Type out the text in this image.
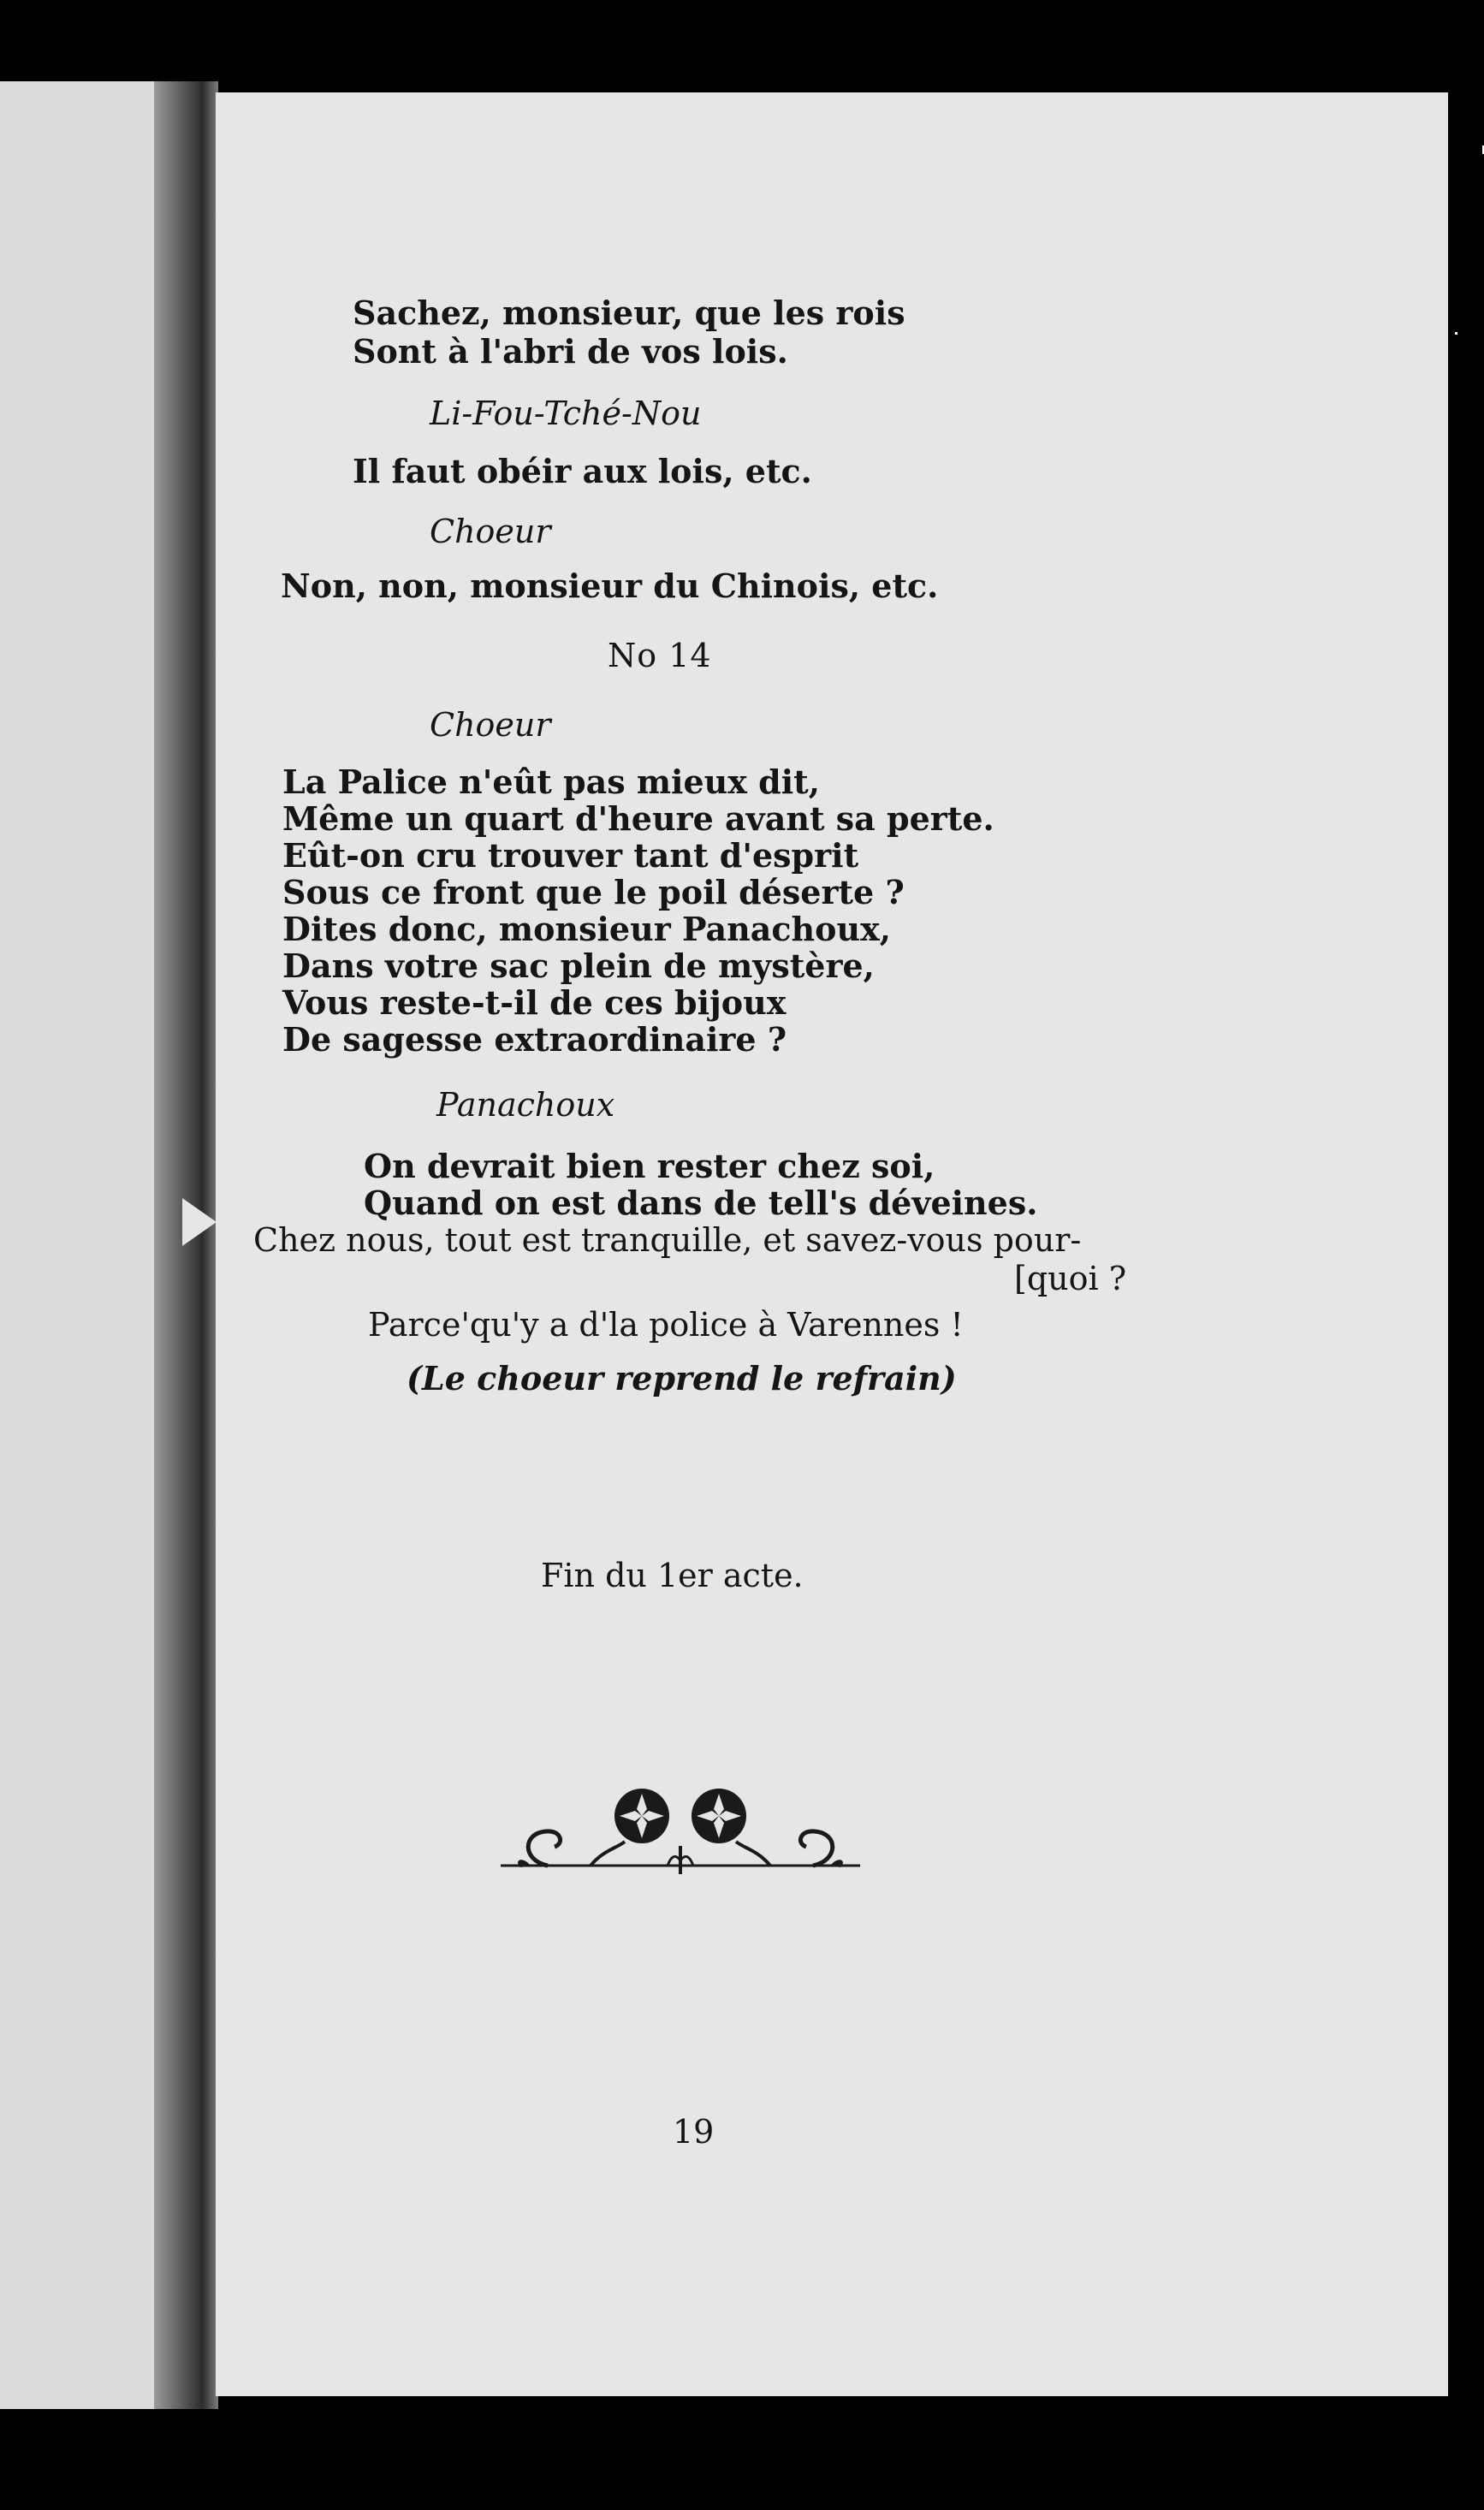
Sachez, monsieur, que les rois
Sont à l'abri de vos lois.
Li-Fou-Tché-Nou
Il faut obéir aux lois, etc.
Choeur
Non, non, monsieur du Chinois, etc.
No 14
Choeur
La Palice n'eût pas mieux dit,
Même un quart d'heure avant sa perte.
Eût-on cru trouver tant d'esprit
Sous ce front que le poil déserte ?
Dites donc, monsieur Panachoux,
Dans votre sac plein de mystère,
Vous reste-t-il de ces bijoux
De sagesse extraordinaire ?
Panachoux
On devrait bien rester chez soi,
Quand on est dans de tell's déveines.
Chez nous, tout est tranquille, et savez-vous pour-
[quoi ?
Parce'qu'y a d'la police à Varennes !
(Le choeur reprend le refrain)
Fin du 1er acte.
19
